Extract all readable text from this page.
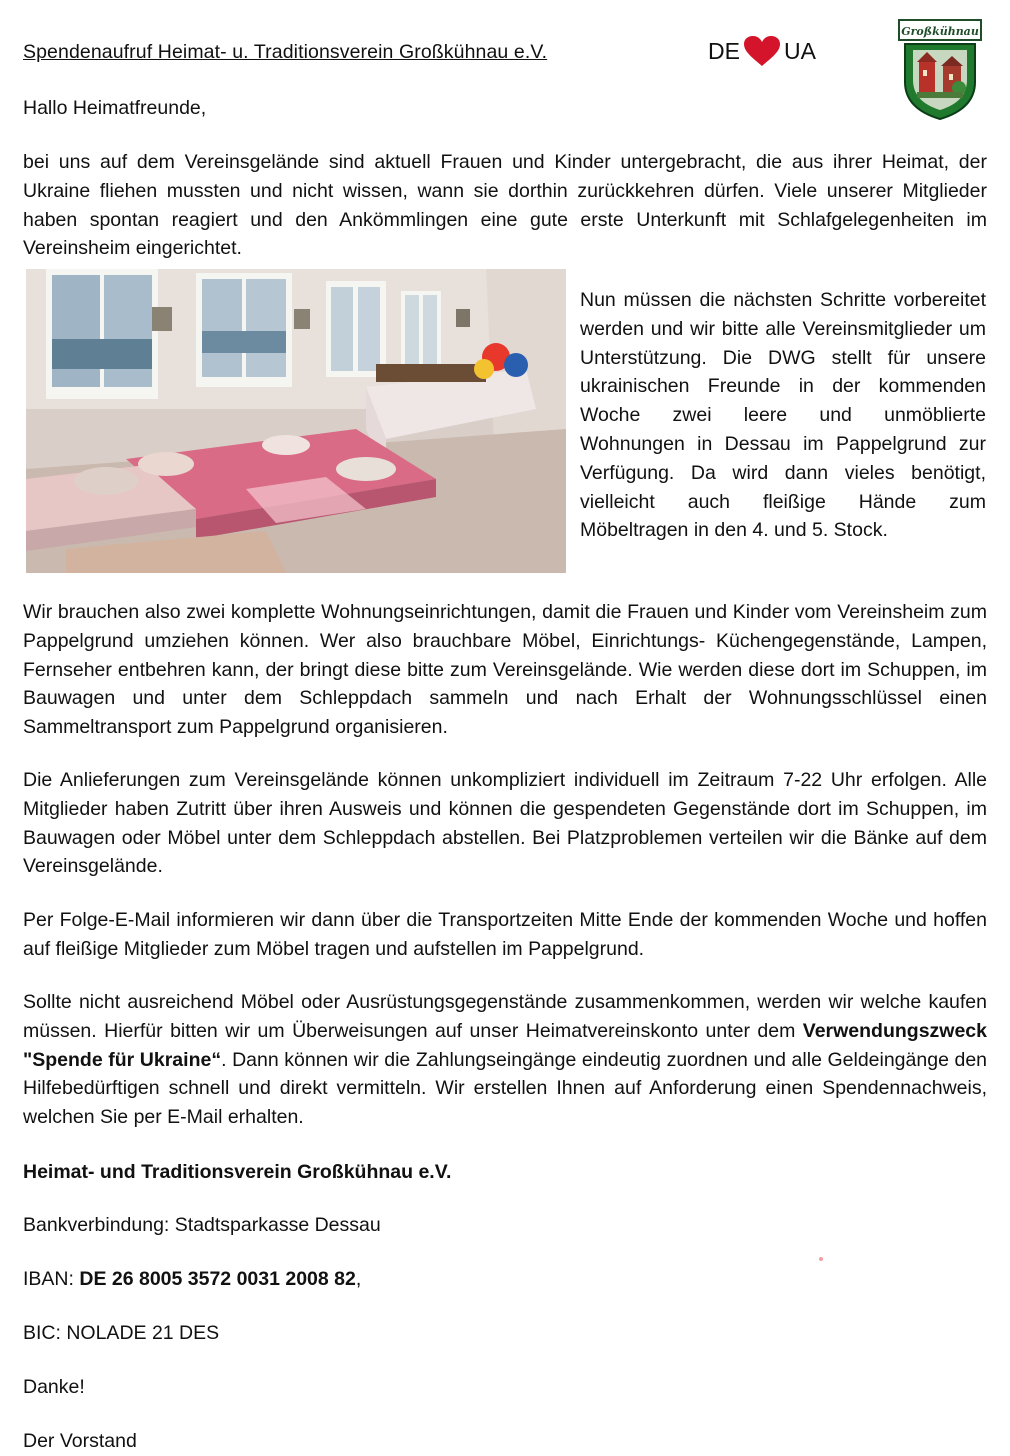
Spendenaufruf Heimat- u. Traditionsverein Großkühnau e.V.	DE UA
Großkühnau

Hallo Heimatfreunde,

bei uns auf dem Vereinsgelände sind aktuell Frauen und Kinder untergebracht, die aus ihrer Heimat, der Ukraine fliehen mussten und nicht wissen, wann sie dorthin zurückkehren dürfen. Viele unserer Mitglieder haben spontan reagiert und den Ankömmlingen eine gute erste Unterkunft mit Schlafgelegenheiten im Vereinsheim eingerichtet.

Nun müssen die nächsten Schritte vorbereitet werden und wir bitte alle Vereinsmitglieder um Unterstützung. Die DWG stellt für unsere ukrainischen Freunde in der kommenden Woche zwei leere und unmöblierte Wohnungen in Dessau im Pappelgrund zur Verfügung. Da wird dann vieles benötigt, vielleicht auch fleißige Hände zum Möbeltragen in den 4. und 5. Stock.

Wir brauchen also zwei komplette Wohnungseinrichtungen, damit die Frauen und Kinder vom Vereinsheim zum Pappelgrund umziehen können. Wer also brauchbare Möbel, Einrichtungs- Küchengegenstände, Lampen, Fernseher entbehren kann, der bringt diese bitte zum Vereinsgelände. Wie werden diese dort im Schuppen, im Bauwagen und unter dem Schleppdach sammeln und nach Erhalt der Wohnungsschlüssel einen Sammeltransport zum Pappelgrund organisieren.

Die Anlieferungen zum Vereinsgelände können unkompliziert individuell im Zeitraum 7-22 Uhr erfolgen. Alle Mitglieder haben Zutritt über ihren Ausweis und können die gespendeten Gegenstände dort im Schuppen, im Bauwagen oder Möbel unter dem Schleppdach abstellen. Bei Platzproblemen verteilen wir die Bänke auf dem Vereinsgelände.

Per Folge-E-Mail informieren wir dann über die Transportzeiten Mitte Ende der kommenden Woche und hoffen auf fleißige Mitglieder zum Möbel tragen und aufstellen im Pappelgrund.

Sollte nicht ausreichend Möbel oder Ausrüstungsgegenstände zusammenkommen, werden wir welche kaufen müssen. Hierfür bitten wir um Überweisungen auf unser Heimatvereinskonto unter dem Verwendungszweck "Spende für Ukraine“. Dann können wir die Zahlungseingänge eindeutig zuordnen und alle Geldeingänge den Hilfebedürftigen schnell und direkt vermitteln. Wir erstellen Ihnen auf Anforderung einen Spendennachweis, welchen Sie per E-Mail erhalten.

Heimat- und Traditionsverein Großkühnau e.V.

Bankverbindung: Stadtsparkasse Dessau

IBAN: DE 26 8005 3572 0031 2008 82,

BIC: NOLADE 21 DES

Danke!

Der Vorstand
